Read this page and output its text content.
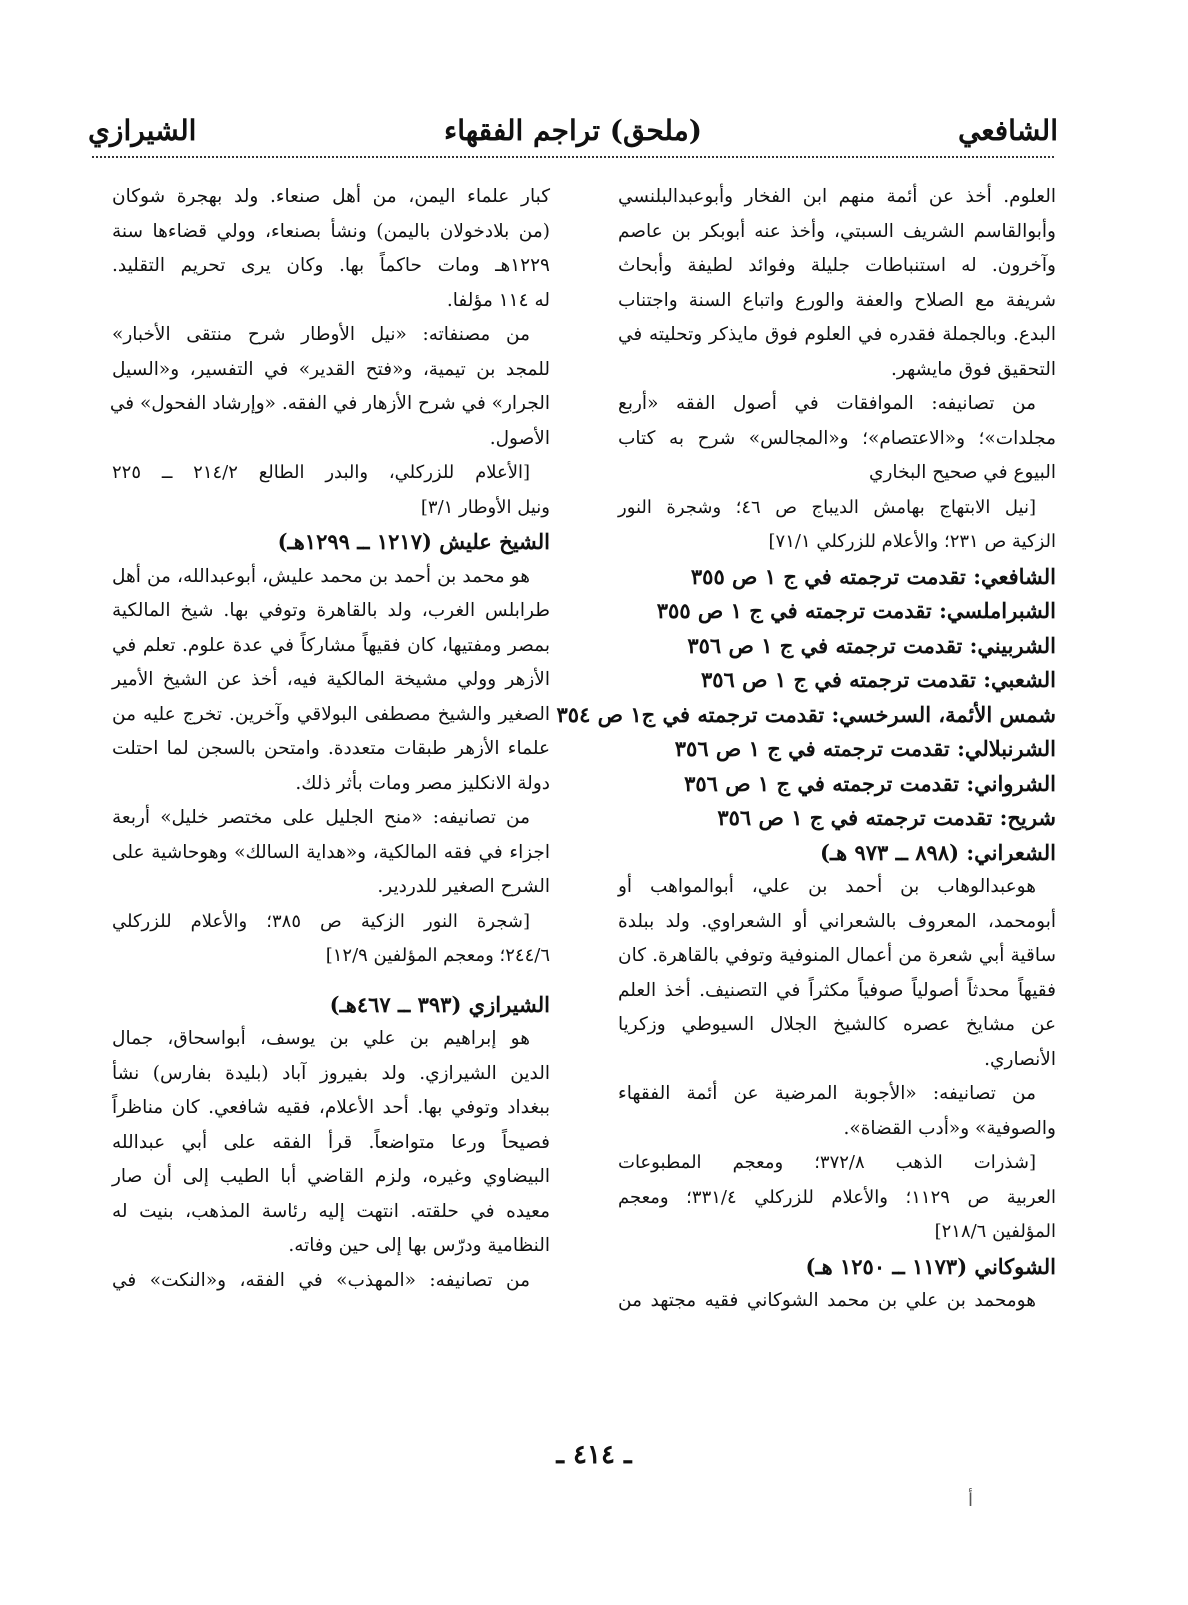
الشافعي
(ملحق) تراجم الفقهاء
الشيرازي
العلوم. أخذ عن أئمة منهم ابن الفخار وأبوعبدالبلنسي
وأبوالقاسم الشريف السبتي، وأخذ عنه أبوبكر بن عاصم
وآخرون. له استنباطات جليلة وفوائد لطيفة وأبحاث
شريفة مع الصلاح والعفة والورع واتباع السنة واجتناب
البدع. وبالجملة فقدره في العلوم فوق مايذكر وتحليته في
التحقيق فوق مايشهر.
من تصانيفه: الموافقات في أصول الفقه «أربع
مجلدات»؛ و«الاعتصام»؛ و«المجالس» شرح به كتاب
البيوع في صحيح البخاري
[نيل الابتهاج بهامش الديباج ص ٤٦؛ وشجرة النور
الزكية ص ٢٣١؛ والأعلام للزركلي ٧١/١]
الشافعي: تقدمت ترجمته في ج ١ ص ٣٥٥
الشبراملسي: تقدمت ترجمته في ج ١ ص ٣٥٥
الشربيني: تقدمت ترجمته في ج ١ ص ٣٥٦
الشعبي: تقدمت ترجمته في ج ١ ص ٣٥٦
شمس الأئمة، السرخسي: تقدمت ترجمته في ج١ ص ٣٥٤
الشرنبلالي: تقدمت ترجمته في ج ١ ص ٣٥٦
الشرواني: تقدمت ترجمته في ج ١ ص ٣٥٦
شريح: تقدمت ترجمته في ج ١ ص ٣٥٦
الشعراني: (٨٩٨ ــ ٩٧٣ هـ)
هوعبدالوهاب بن أحمد بن علي، أبوالمواهب أو
أبومحمد، المعروف بالشعراني أو الشعراوي. ولد ببلدة
ساقية أبي شعرة من أعمال المنوفية وتوفي بالقاهرة. كان
فقيهاً محدثاً أصولياً صوفياً مكثراً في التصنيف. أخذ العلم
عن مشايخ عصره كالشيخ الجلال السيوطي وزكريا
الأنصاري.
من تصانيفه: «الأجوبة المرضية عن أئمة الفقهاء
والصوفية» و«أدب القضاة».
[شذرات الذهب ٣٧٢/٨؛ ومعجم المطبوعات
العربية ص ١١٢٩؛ والأعلام للزركلي ٣٣١/٤؛ ومعجم
المؤلفين ٢١٨/٦]
الشوكاني (١١٧٣ ــ ١٢٥٠ هـ)
هومحمد بن علي بن محمد الشوكاني فقيه مجتهد من
كبار علماء اليمن، من أهل صنعاء. ولد بهجرة شوكان
(من بلادخولان باليمن) ونشأ بصنعاء، وولي قضاءها سنة
١٢٢٩هـ ومات حاكماً بها. وكان يرى تحريم التقليد.
له ١١٤ مؤلفا.
من مصنفاته: «نيل الأوطار شرح منتقى الأخبار»
للمجد بن تيمية، و«فتح القدير» في التفسير، و«السيل
الجرار» في شرح الأزهار في الفقه. «وإرشاد الفحول» في
الأصول.
[الأعلام للزركلي، والبدر الطالع ٢١٤/٢ ــ ٢٢٥
ونيل الأوطار ٣/١]
الشيخ عليش (١٢١٧ ــ ١٢٩٩هـ)
هو محمد بن أحمد بن محمد عليش، أبوعبدالله، من أهل
طرابلس الغرب، ولد بالقاهرة وتوفي بها. شيخ المالكية
بمصر ومفتيها، كان فقيهاً مشاركاً في عدة علوم. تعلم في
الأزهر وولي مشيخة المالكية فيه، أخذ عن الشيخ الأمير
الصغير والشيخ مصطفى البولاقي وآخرين. تخرج عليه من
علماء الأزهر طبقات متعددة. وامتحن بالسجن لما احتلت
دولة الانكليز مصر ومات بأثر ذلك.
من تصانيفه: «منح الجليل على مختصر خليل» أربعة
اجزاء في فقه المالكية، و«هداية السالك» وهوحاشية على
الشرح الصغير للدردير.
[شجرة النور الزكية ص ٣٨٥؛ والأعلام للزركلي
٢٤٤/٦؛ ومعجم المؤلفين ١٢/٩]
الشيرازي (٣٩٣ ــ ٤٦٧هـ)
هو إبراهيم بن علي بن يوسف، أبواسحاق، جمال
الدين الشيرازي. ولد بفيروز آباد (بليدة بفارس) نشأ
ببغداد وتوفي بها. أحد الأعلام، فقيه شافعي. كان مناظراً
فصيحاً ورعا متواضعاً. قرأ الفقه على أبي عبدالله
البيضاوي وغيره، ولزم القاضي أبا الطيب إلى أن صار
معيده في حلقته. انتهت إليه رئاسة المذهب، بنيت له
النظامية ودرّس بها إلى حين وفاته.
من تصانيفه: «المهذب» في الفقه، و«النكت» في
ـ ٤١٤ ـ
أ
